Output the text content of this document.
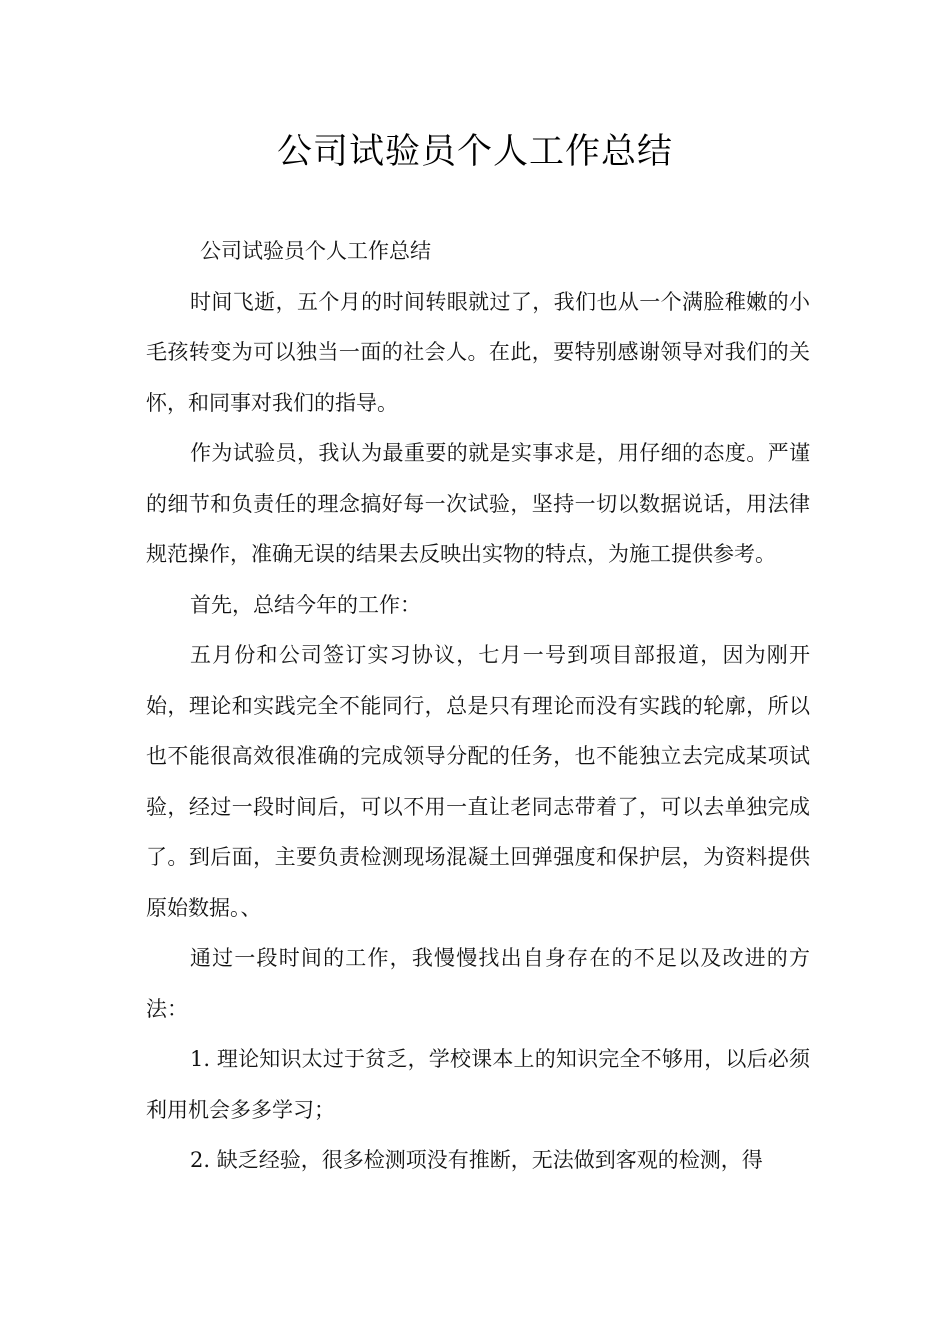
公司试验员个人工作总结

公司试验员个人工作总结

时间飞逝，五个月的时间转眼就过了，我们也从一个满脸稚嫩的小毛孩转变为可以独当一面的社会人。在此，要特别感谢领导对我们的关怀，和同事对我们的指导。

作为试验员，我认为最重要的就是实事求是，用仔细的态度。严谨的细节和负责任的理念搞好每一次试验，坚持一切以数据说话，用法律规范操作，准确无误的结果去反映出实物的特点，为施工提供参考。

首先，总结今年的工作：

五月份和公司签订实习协议，七月一号到项目部报道，因为刚开始，理论和实践完全不能同行，总是只有理论而没有实践的轮廓，所以也不能很高效很准确的完成领导分配的任务，也不能独立去完成某项试验，经过一段时间后，可以不用一直让老同志带着了，可以去单独完成了。到后面，主要负责检测现场混凝土回弹强度和保护层，为资料提供原始数据。、

通过一段时间的工作，我慢慢找出自身存在的不足以及改进的方法：

1. 理论知识太过于贫乏，学校课本上的知识完全不够用，以后必须利用机会多多学习；

2. 缺乏经验，很多检测项没有推断，无法做到客观的检测，得
